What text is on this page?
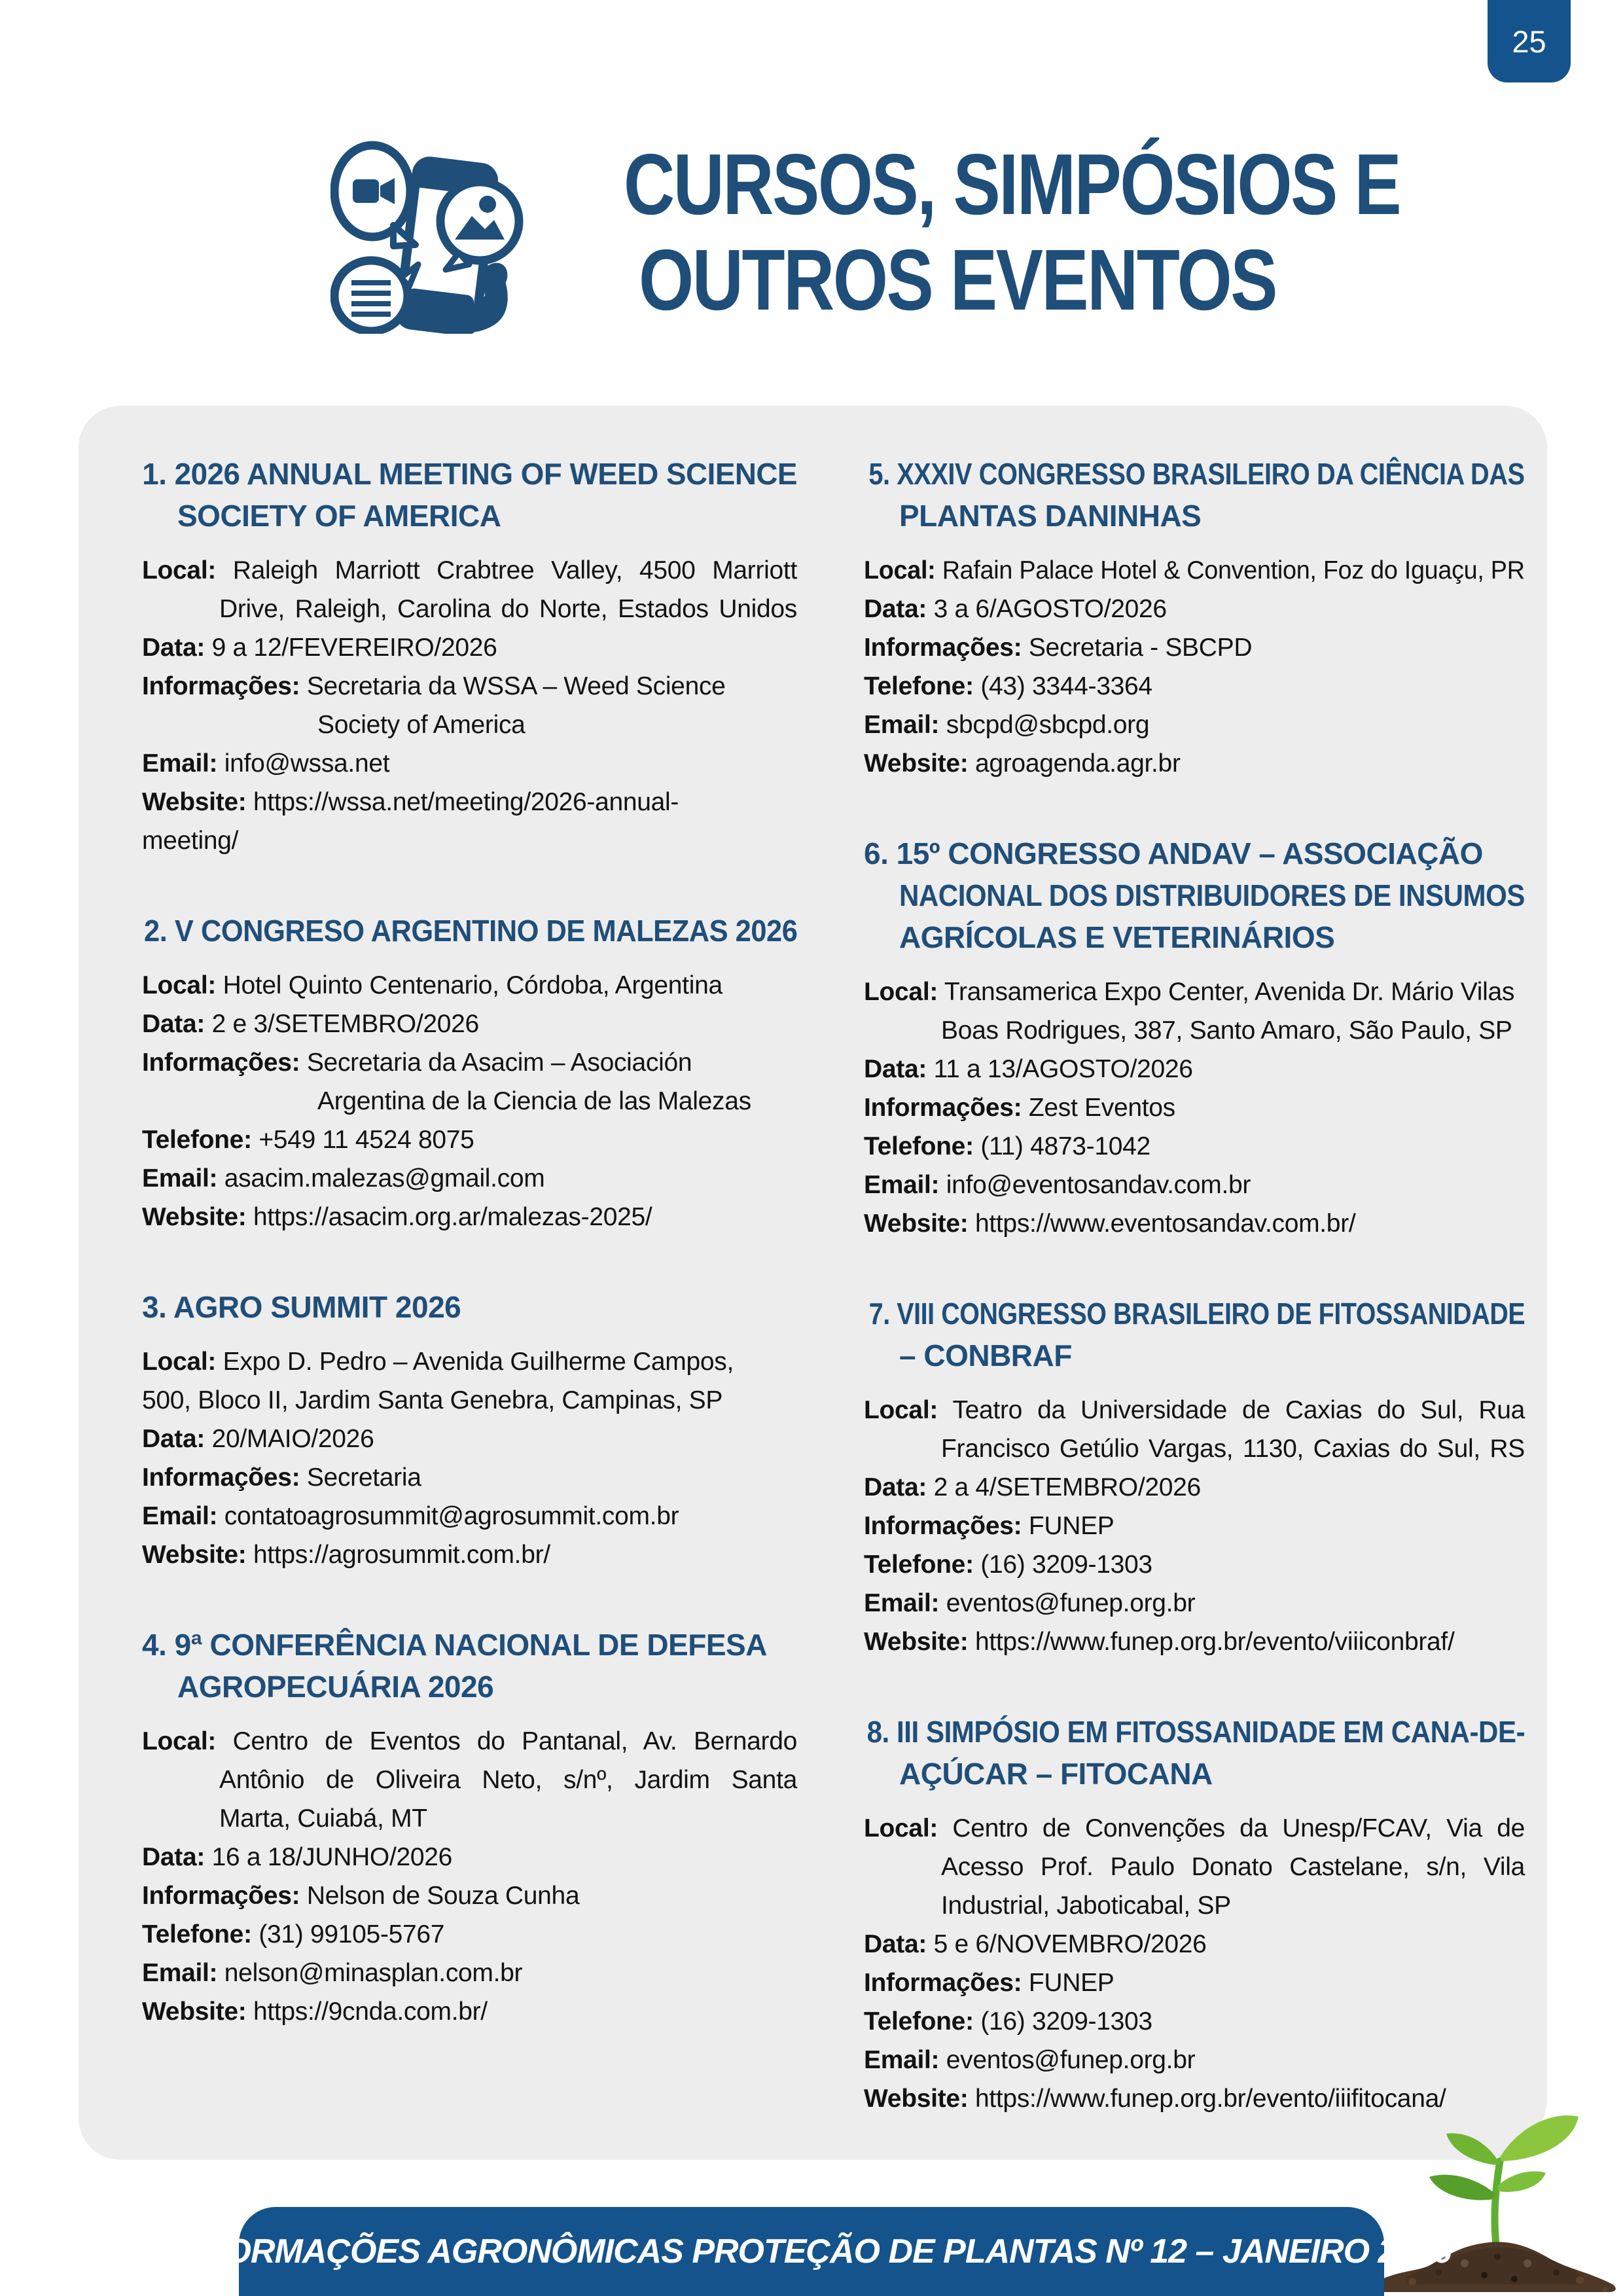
25
CURSOS, SIMPÓSIOS E
OUTROS EVENTOS
1. 2026 ANNUAL MEETING OF WEED SCIENCE
SOCIETY OF AMERICA
Local: Raleigh Marriott Crabtree Valley, 4500 Marriott
Drive, Raleigh, Carolina do Norte, Estados Unidos
Data: 9 a 12/FEVEREIRO/2026
Informações: Secretaria da WSSA – Weed Science
Society of America
Email: info@wssa.net
Website: https://wssa.net/meeting/2026-annual-
meeting/
2. V CONGRESO ARGENTINO DE MALEZAS 2026
Local: Hotel Quinto Centenario, Córdoba, Argentina
Data: 2 e 3/SETEMBRO/2026
Informações: Secretaria da Asacim – Asociación
Argentina de la Ciencia de las Malezas
Telefone: +549 11 4524 8075
Email: asacim.malezas@gmail.com
Website: https://asacim.org.ar/malezas-2025/
3. AGRO SUMMIT 2026
Local: Expo D. Pedro – Avenida Guilherme Campos,
500, Bloco II, Jardim Santa Genebra, Campinas, SP
Data: 20/MAIO/2026
Informações: Secretaria
Email: contatoagrosummit@agrosummit.com.br
Website: https://agrosummit.com.br/
4. 9ª CONFERÊNCIA NACIONAL DE DEFESA
AGROPECUÁRIA 2026
Local: Centro de Eventos do Pantanal, Av. Bernardo
Antônio de Oliveira Neto, s/nº, Jardim Santa
Marta, Cuiabá, MT
Data: 16 a 18/JUNHO/2026
Informações: Nelson de Souza Cunha
Telefone: (31) 99105-5767
Email: nelson@minasplan.com.br
Website: https://9cnda.com.br/
5. XXXIV CONGRESSO BRASILEIRO DA CIÊNCIA DAS
PLANTAS DANINHAS
Local: Rafain Palace Hotel & Convention, Foz do Iguaçu, PR
Data: 3 a 6/AGOSTO/2026
Informações: Secretaria - SBCPD
Telefone: (43) 3344-3364
Email: sbcpd@sbcpd.org
Website: agroagenda.agr.br
6. 15º CONGRESSO ANDAV – ASSOCIAÇÃO
NACIONAL DOS DISTRIBUIDORES DE INSUMOS
AGRÍCOLAS E VETERINÁRIOS
Local: Transamerica Expo Center, Avenida Dr. Mário Vilas
Boas Rodrigues, 387, Santo Amaro, São Paulo, SP
Data: 11 a 13/AGOSTO/2026
Informações: Zest Eventos
Telefone: (11) 4873-1042
Email: info@eventosandav.com.br
Website: https://www.eventosandav.com.br/
7. VIII CONGRESSO BRASILEIRO DE FITOSSANIDADE
– CONBRAF
Local: Teatro da Universidade de Caxias do Sul, Rua
Francisco Getúlio Vargas, 1130, Caxias do Sul, RS
Data: 2 a 4/SETEMBRO/2026
Informações: FUNEP
Telefone: (16) 3209-1303
Email: eventos@funep.org.br
Website: https://www.funep.org.br/evento/viiiconbraf/
8. III SIMPÓSIO EM FITOSSANIDADE EM CANA-DE-
AÇÚCAR – FITOCANA
Local: Centro de Convenções da Unesp/FCAV, Via de
Acesso Prof. Paulo Donato Castelane, s/n, Vila
Industrial, Jaboticabal, SP
Data: 5 e 6/NOVEMBRO/2026
Informações: FUNEP
Telefone: (16) 3209-1303
Email: eventos@funep.org.br
Website: https://www.funep.org.br/evento/iiifitocana/
INFORMAÇÕES AGRONÔMICAS PROTEÇÃO DE PLANTAS Nº 12 – JANEIRO 2026
